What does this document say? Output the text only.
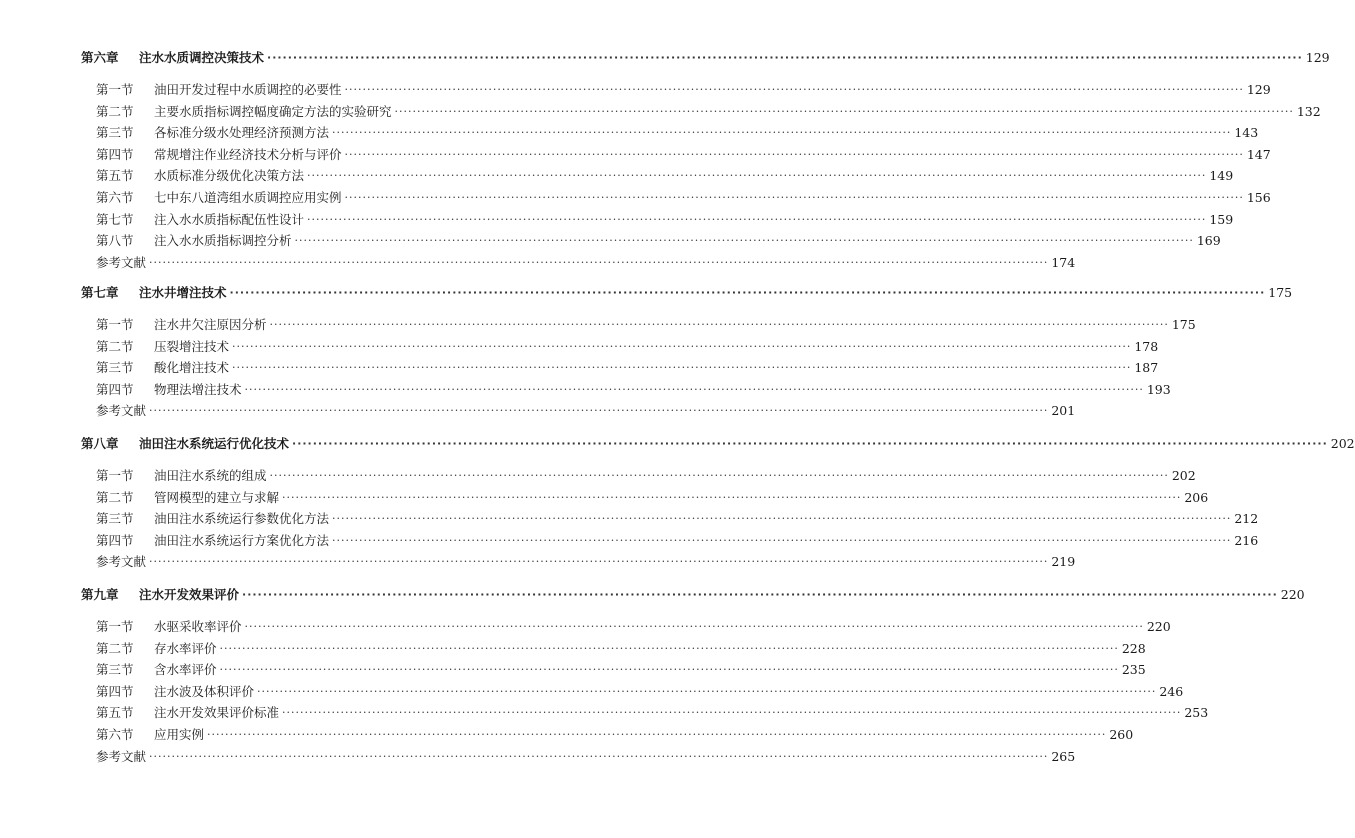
第六章 注水水质调控决策技术 ········································································································································································································ 129
第一节 油田开发过程中水质调控的必要性 ········································································································································································································ 129
第二节 主要水质指标调控幅度确定方法的实验研究 ········································································································································································································ 132
第三节 各标准分级水处理经济预测方法 ········································································································································································································ 143
第四节 常规增注作业经济技术分析与评价 ········································································································································································································ 147
第五节 水质标准分级优化决策方法 ········································································································································································································ 149
第六节 七中东八道湾组水质调控应用实例 ········································································································································································································ 156
第七节 注入水水质指标配伍性设计 ········································································································································································································ 159
第八节 注入水水质指标调控分析 ········································································································································································································ 169
参考文献 ········································································································································································································ 174
第七章 注水井增注技术 ········································································································································································································ 175
第一节 注水井欠注原因分析 ········································································································································································································ 175
第二节 压裂增注技术 ········································································································································································································ 178
第三节 酸化增注技术 ········································································································································································································ 187
第四节 物理法增注技术 ········································································································································································································ 193
参考文献 ········································································································································································································ 201
第八章 油田注水系统运行优化技术 ········································································································································································································ 202
第一节 油田注水系统的组成 ········································································································································································································ 202
第二节 管网模型的建立与求解 ········································································································································································································ 206
第三节 油田注水系统运行参数优化方法 ········································································································································································································ 212
第四节 油田注水系统运行方案优化方法 ········································································································································································································ 216
参考文献 ········································································································································································································ 219
第九章 注水开发效果评价 ········································································································································································································ 220
第一节 水驱采收率评价 ········································································································································································································ 220
第二节 存水率评价 ········································································································································································································ 228
第三节 含水率评价 ········································································································································································································ 235
第四节 注水波及体积评价 ········································································································································································································ 246
第五节 注水开发效果评价标准 ········································································································································································································ 253
第六节 应用实例 ········································································································································································································ 260
参考文献 ········································································································································································································ 265
